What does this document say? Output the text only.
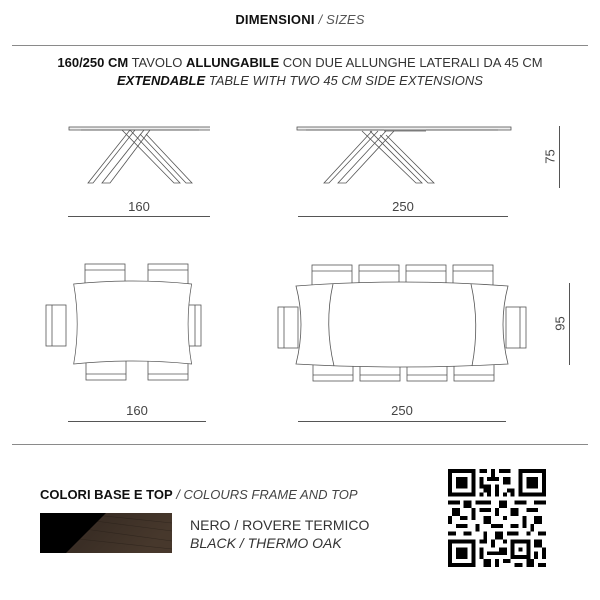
DIMENSIONI / SIZES
160/250 CM TAVOLO ALLUNGABILE CON DUE ALLUNGHE LATERALI DA 45 CM
EXTENDABLE TABLE WITH TWO 45 CM SIDE EXTENSIONS
160	250
75
160	250
95
COLORI BASE E TOP / COLOURS FRAME AND TOP
NERO / ROVERE TERMICO
BLACK / THERMO OAK
